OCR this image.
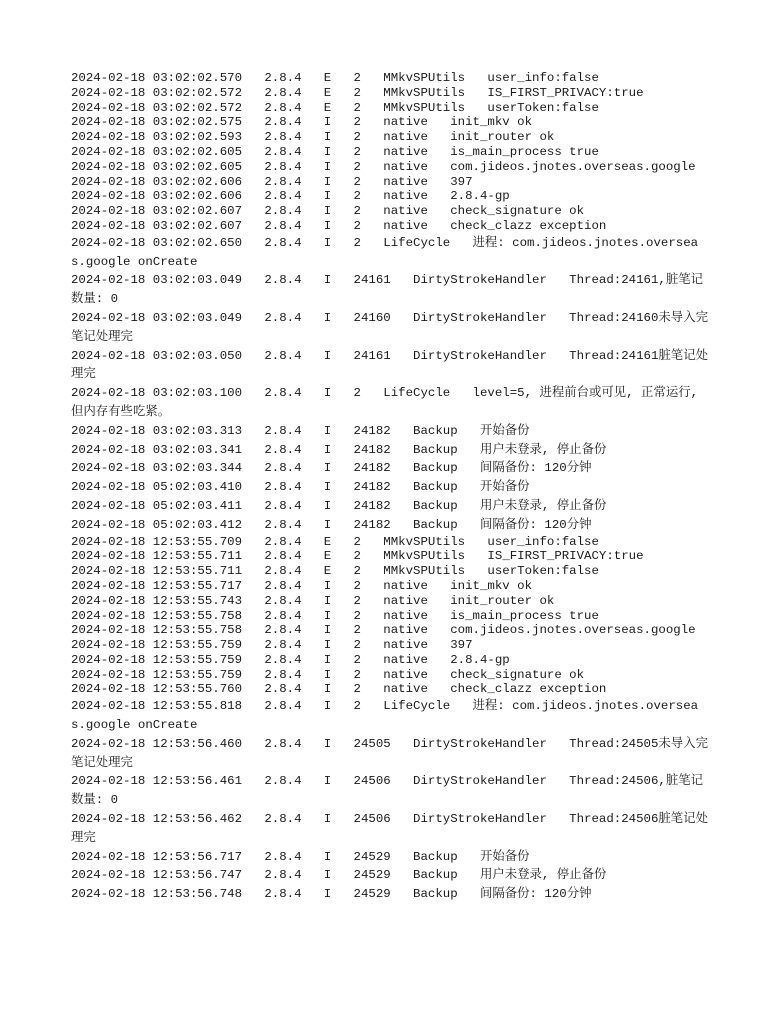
2024-02-18 03:02:02.570   2.8.4   E   2   MMkvSPUtils   user_info:false
2024-02-18 03:02:02.572   2.8.4   E   2   MMkvSPUtils   IS_FIRST_PRIVACY:true
2024-02-18 03:02:02.572   2.8.4   E   2   MMkvSPUtils   userToken:false
2024-02-18 03:02:02.575   2.8.4   I   2   native   init_mkv ok
2024-02-18 03:02:02.593   2.8.4   I   2   native   init_router ok
2024-02-18 03:02:02.605   2.8.4   I   2   native   is_main_process true
2024-02-18 03:02:02.605   2.8.4   I   2   native   com.jideos.jnotes.overseas.google
2024-02-18 03:02:02.606   2.8.4   I   2   native   397
2024-02-18 03:02:02.606   2.8.4   I   2   native   2.8.4-gp
2024-02-18 03:02:02.607   2.8.4   I   2   native   check_signature ok
2024-02-18 03:02:02.607   2.8.4   I   2   native   check_clazz exception
2024-02-18 03:02:02.650   2.8.4   I   2   LifeCycle   进程: com.jideos.jnotes.overseas.google onCreate
2024-02-18 03:02:03.049   2.8.4   I   24161   DirtyStrokeHandler   Thread:24161,脏笔记数量: 0
2024-02-18 03:02:03.049   2.8.4   I   24160   DirtyStrokeHandler   Thread:24160未导入完笔记处理完
2024-02-18 03:02:03.050   2.8.4   I   24161   DirtyStrokeHandler   Thread:24161脏笔记处理完
2024-02-18 03:02:03.100   2.8.4   I   2   LifeCycle   level=5, 进程前台或可见, 正常运行, 但内存有些吃紧。
2024-02-18 03:02:03.313   2.8.4   I   24182   Backup   开始备份
2024-02-18 03:02:03.341   2.8.4   I   24182   Backup   用户未登录, 停止备份
2024-02-18 03:02:03.344   2.8.4   I   24182   Backup   间隔备份: 120分钟
2024-02-18 05:02:03.410   2.8.4   I   24182   Backup   开始备份
2024-02-18 05:02:03.411   2.8.4   I   24182   Backup   用户未登录, 停止备份
2024-02-18 05:02:03.412   2.8.4   I   24182   Backup   间隔备份: 120分钟
2024-02-18 12:53:55.709   2.8.4   E   2   MMkvSPUtils   user_info:false
2024-02-18 12:53:55.711   2.8.4   E   2   MMkvSPUtils   IS_FIRST_PRIVACY:true
2024-02-18 12:53:55.711   2.8.4   E   2   MMkvSPUtils   userToken:false
2024-02-18 12:53:55.717   2.8.4   I   2   native   init_mkv ok
2024-02-18 12:53:55.743   2.8.4   I   2   native   init_router ok
2024-02-18 12:53:55.758   2.8.4   I   2   native   is_main_process true
2024-02-18 12:53:55.758   2.8.4   I   2   native   com.jideos.jnotes.overseas.google
2024-02-18 12:53:55.759   2.8.4   I   2   native   397
2024-02-18 12:53:55.759   2.8.4   I   2   native   2.8.4-gp
2024-02-18 12:53:55.759   2.8.4   I   2   native   check_signature ok
2024-02-18 12:53:55.760   2.8.4   I   2   native   check_clazz exception
2024-02-18 12:53:55.818   2.8.4   I   2   LifeCycle   进程: com.jideos.jnotes.overseas.google onCreate
2024-02-18 12:53:56.460   2.8.4   I   24505   DirtyStrokeHandler   Thread:24505未导入完笔记处理完
2024-02-18 12:53:56.461   2.8.4   I   24506   DirtyStrokeHandler   Thread:24506,脏笔记数量: 0
2024-02-18 12:53:56.462   2.8.4   I   24506   DirtyStrokeHandler   Thread:24506脏笔记处理完
2024-02-18 12:53:56.717   2.8.4   I   24529   Backup   开始备份
2024-02-18 12:53:56.747   2.8.4   I   24529   Backup   用户未登录, 停止备份
2024-02-18 12:53:56.748   2.8.4   I   24529   Backup   间隔备份: 120分钟
